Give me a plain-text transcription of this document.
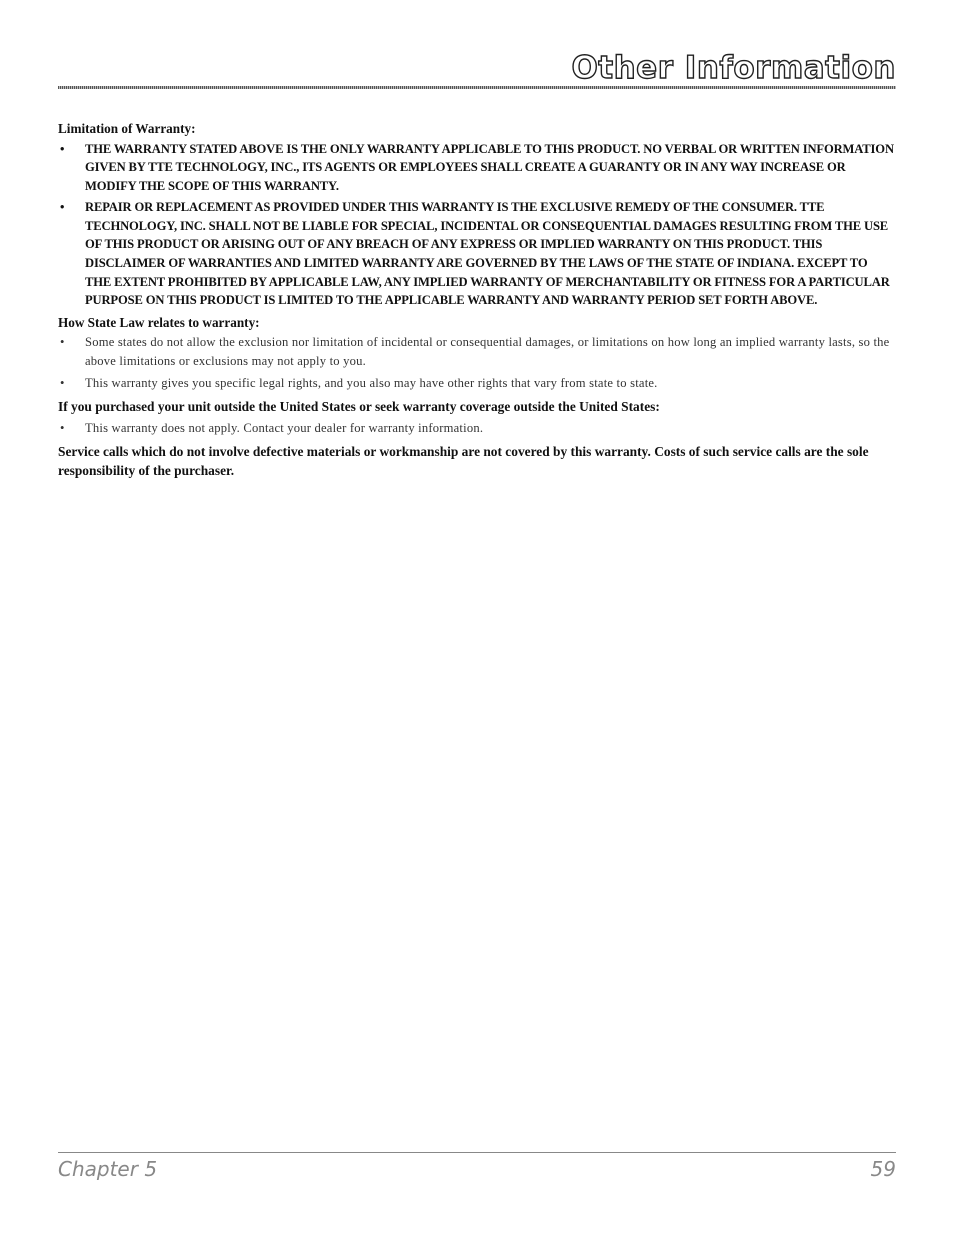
Other Information
Limitation of Warranty:
• THE WARRANTY STATED ABOVE IS THE ONLY WARRANTY APPLICABLE TO THIS PRODUCT. NO VERBAL OR WRITTEN INFORMATION GIVEN BY TTE TECHNOLOGY, INC., ITS AGENTS OR EMPLOYEES SHALL CREATE A GUARANTY OR IN ANY WAY INCREASE OR MODIFY THE SCOPE OF THIS WARRANTY.
• REPAIR OR REPLACEMENT AS PROVIDED UNDER THIS WARRANTY IS THE EXCLUSIVE REMEDY OF THE CONSUMER. TTE TECHNOLOGY, INC. SHALL NOT BE LIABLE FOR SPECIAL, INCIDENTAL OR CONSEQUENTIAL DAMAGES RESULTING FROM THE USE OF THIS PRODUCT OR ARISING OUT OF ANY BREACH OF ANY EXPRESS OR IMPLIED WARRANTY ON THIS PRODUCT. THIS DISCLAIMER OF WARRANTIES AND LIMITED WARRANTY ARE GOVERNED BY THE LAWS OF THE STATE OF INDIANA. EXCEPT TO THE EXTENT PROHIBITED BY APPLICABLE LAW, ANY IMPLIED WARRANTY OF MERCHANTABILITY OR FITNESS FOR A PARTICULAR PURPOSE ON THIS PRODUCT IS LIMITED TO THE APPLICABLE WARRANTY AND WARRANTY PERIOD SET FORTH ABOVE.
How State Law relates to warranty:
• Some states do not allow the exclusion nor limitation of incidental or consequential damages, or limitations on how long an implied warranty lasts, so the above limitations or exclusions may not apply to you.
• This warranty gives you specific legal rights, and you also may have other rights that vary from state to state.
If you purchased your unit outside the United States or seek warranty coverage outside the United States:
• This warranty does not apply. Contact your dealer for warranty information.
Service calls which do not involve defective materials or workmanship are not covered by this warranty. Costs of such service calls are the sole responsibility of the purchaser.
Chapter 5	59
